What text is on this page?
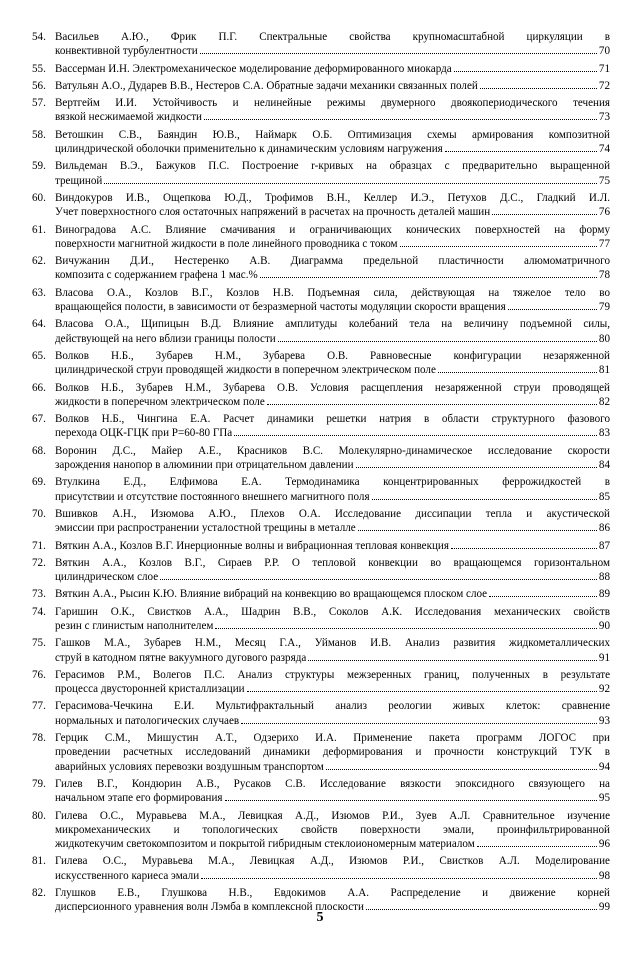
54. Васильев А.Ю., Фрик П.Г. Спектральные свойства крупномасштабной циркуляции в
конвективной турбулентности	70
55. Вассерман И.Н. Электромеханическое моделирование деформированного миокарда	71
56. Ватульян А.О., Дударев В.В., Нестеров С.А. Обратные задачи механики связанных полей	72
57. Вертгейм И.И. Устойчивость и нелинейные режимы двумерного двоякопериодического течения
вязкой несжимаемой жидкости	73
58. Ветошкин С.В., Баяндин Ю.В., Наймарк О.Б. Оптимизация схемы армирования композитной
цилиндрической оболочки применительно к динамическим условиям нагружения	74
59. Вильдеман В.Э., Бажуков П.С. Построение r-кривых на образцах с предварительно выращенной
трещиной	75
60. Виндокуров И.В., Ощепкова Ю.Д., Трофимов В.Н., Келлер И.Э., Петухов Д.С., Гладкий И.Л.
Учет поверхностного слоя остаточных напряжений в расчетах на прочность деталей машин	76
61. Виноградова А.С. Влияние смачивания и ограничивающих конических поверхностей на форму
поверхности магнитной жидкости в поле линейного проводника с током	77
62. Вичужанин Д.И., Нестеренко А.В. Диаграмма предельной пластичности алюмоматричного
композита с содержанием графена 1 мас.%	78
63. Власова О.А., Козлов В.Г., Козлов Н.В. Подъемная сила, действующая на тяжелое тело во
вращающейся полости, в зависимости от безразмерной частоты модуляции скорости вращения	79
64. Власова О.А., Щипицын В.Д. Влияние амплитуды колебаний тела на величину подъемной силы,
действующей на него вблизи границы полости	80
65. Волков Н.Б., Зубарев Н.М., Зубарева О.В. Равновесные конфигурации незаряженной
цилиндрической струи проводящей жидкости в поперечном электрическом поле	81
66. Волков Н.Б., Зубарев Н.М., Зубарева О.В. Условия расщепления незаряженной струи проводящей
жидкости в поперечном электрическом поле	82
67. Волков Н.Б., Чингина Е.А. Расчет динамики решетки натрия в области структурного фазового
перехода ОЦК-ГЦК при P=60-80 ГПа	83
68. Воронин Д.С., Майер А.Е., Красников В.С. Молекулярно-динамическое исследование скорости
зарождения нанопор в алюминии при отрицательном давлении	84
69. Втулкина Е.Д., Елфимова Е.А. Термодинамика концентрированных феррожидкостей в
присутствии и отсутствие постоянного внешнего магнитного поля	85
70. Вшивков А.Н., Изюмова А.Ю., Плехов О.А. Исследование диссипации тепла и акустической
эмиссии при распространении усталостной трещины в металле	86
71. Вяткин А.А., Козлов В.Г. Инерционные волны и вибрационная тепловая конвекция	87
72. Вяткин А.А., Козлов В.Г., Сираев Р.Р. О тепловой конвекции во вращающемся горизонтальном
цилиндрическом слое	88
73. Вяткин А.А., Рысин К.Ю. Влияние вибраций на конвекцию во вращающемся плоском слое	89
74. Гаришин О.К., Свистков А.А., Шадрин В.В., Соколов А.К. Исследования механических свойств
резин с глинистым наполнителем	90
75. Гашков М.А., Зубарев Н.М., Месяц Г.А., Уйманов И.В. Анализ развития жидкометаллических
струй в катодном пятне вакуумного дугового разряда	91
76. Герасимов Р.М., Волегов П.С. Анализ структуры межзеренных границ, полученных в результате
процесса двусторонней кристаллизации	92
77. Герасимова-Чечкина Е.И. Мультифрактальный анализ реологии живых клеток: сравнение
нормальных и патологических случаев	93
78. Герцик С.М., Мишустин А.Т., Одзерихо И.А. Применение пакета программ ЛОГОС при
проведении расчетных исследований динамики деформирования и прочности конструкций ТУК в
аварийных условиях перевозки воздушным транспортом	94
79. Гилев В.Г., Кондюрин А.В., Русаков С.В. Исследование вязкости эпоксидного связующего на
начальном этапе его формирования	95
80. Гилева О.С., Муравьева М.А., Левицкая А.Д., Изюмов Р.И., Зуев А.Л. Сравнительное изучение
микромеханических и топологических свойств поверхности эмали, проинфильтрированной
жидкотекучим светокомпозитом и покрытой гибридным стеклоиономерным материалом	96
81. Гилева О.С., Муравьева М.А., Левицкая А.Д., Изюмов Р.И., Свистков А.Л. Моделирование
искусственного кариеса эмали	98
82. Глушков Е.В., Глушкова Н.В., Евдокимов А.А. Распределение и движение корней
дисперсионного уравнения волн Лэмба в комплексной плоскости	99
5
